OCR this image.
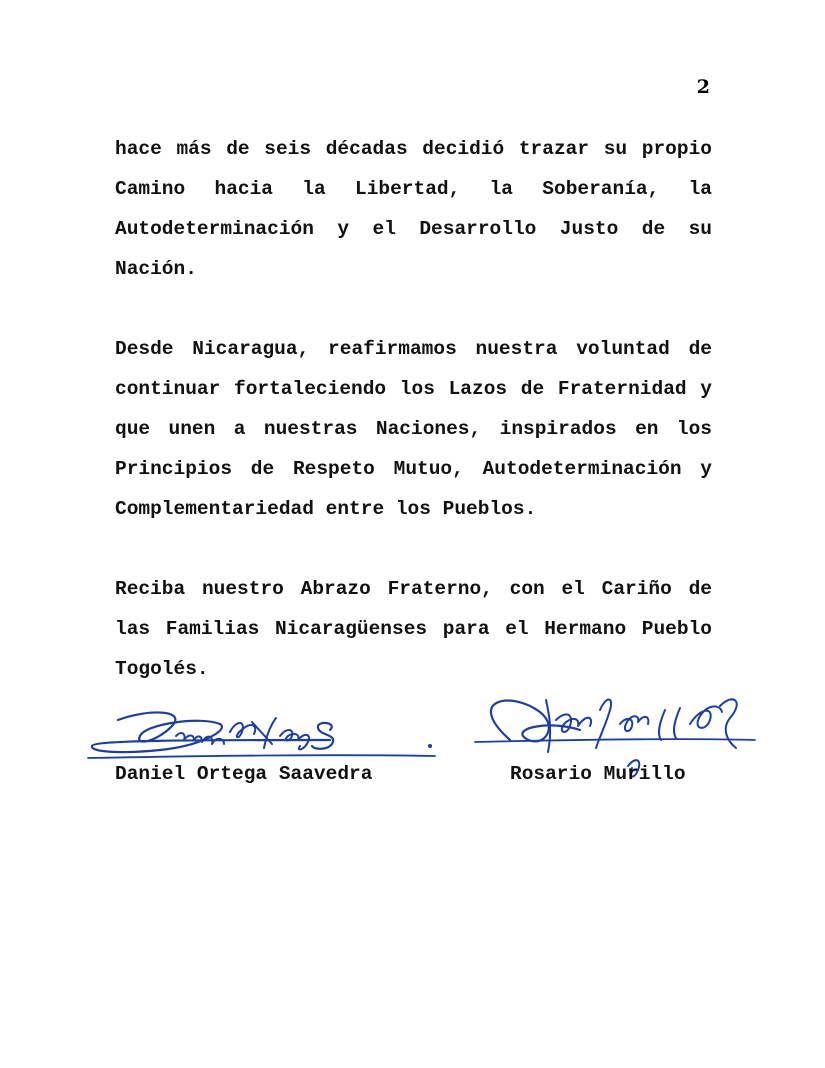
2

hace más de seis décadas decidió trazar su propio Camino hacia la Libertad, la Soberanía, la Autodeterminación y el Desarrollo Justo de su Nación.

Desde Nicaragua, reafirmamos nuestra voluntad de continuar fortaleciendo los Lazos de Fraternidad y que unen a nuestras Naciones, inspirados en los Principios de Respeto Mutuo, Autodeterminación y Complementariedad entre los Pueblos.

Reciba nuestro Abrazo Fraterno, con el Cariño de las Familias Nicaragüenses para el Hermano Pueblo Togolés.

Daniel Ortega Saavedra	Rosario Murillo
